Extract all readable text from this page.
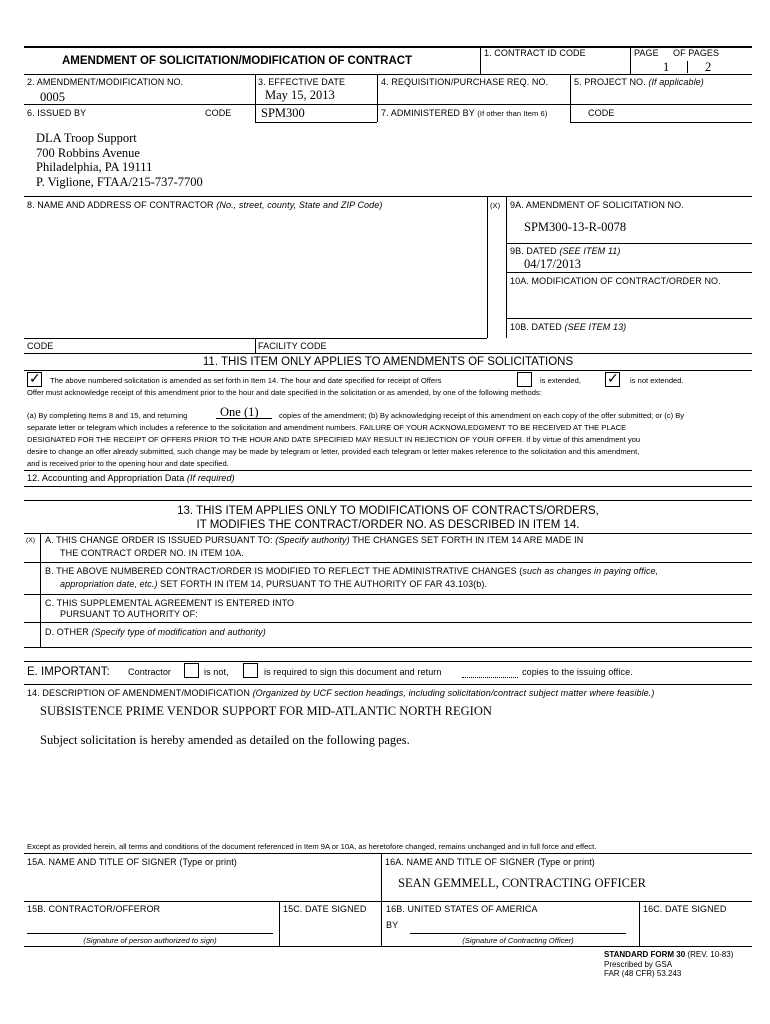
AMENDMENT OF SOLICITATION/MODIFICATION OF CONTRACT
1. CONTRACT ID CODE	PAGE OF PAGES
1	2
2. AMENDMENT/MODIFICATION NO.
0005
3. EFFECTIVE DATE
May 15, 2013
4. REQUISITION/PURCHASE REQ. NO.	5. PROJECT NO. (If applicable)
6. ISSUED BY	CODE SPM300	7. ADMINISTERED BY (If other than Item 6)	CODE
DLA Troop Support
700 Robbins Avenue
Philadelphia, PA 19111
P. Viglione, FTAA/215-737-7700
8. NAME AND ADDRESS OF CONTRACTOR (No., street, county, State and ZIP Code)	(X) 9A. AMENDMENT OF SOLICITATION NO.
SPM300-13-R-0078
9B. DATED (SEE ITEM 11)
04/17/2013
10A. MODIFICATION OF CONTRACT/ORDER NO.
10B. DATED (SEE ITEM 13)
CODE	FACILITY CODE
11. THIS ITEM ONLY APPLIES TO AMENDMENTS OF SOLICITATIONS
✓ The above numbered solicitation is amended as set forth in Item 14. The hour and date specified for receipt of Offers	is extended, ✓ is not extended.
Offer must acknowledge receipt of this amendment prior to the hour and date specified in the solicitation or as amended, by one of the following methods:
(a) By completing Items 8 and 15, and returning	One (1)	copies of the amendment; (b) By acknowledging receipt of this amendment on each copy of the offer submitted; or (c) By
separate letter or telegram which includes a reference to the solicitation and amendment numbers. FAILURE OF YOUR ACKNOWLEDGMENT TO BE RECEIVED AT THE PLACE
DESIGNATED FOR THE RECEIPT OF OFFERS PRIOR TO THE HOUR AND DATE SPECIFIED MAY RESULT IN REJECTION OF YOUR OFFER. If by virtue of this amendment you
desire to change an offer already submitted, such change may be made by telegram or letter, provided each telegram or letter makes reference to the solicitation and this amendment,
and is received prior to the opening hour and date specified.
12. Accounting and Appropriation Data (If required)
13. THIS ITEM APPLIES ONLY TO MODIFICATIONS OF CONTRACTS/ORDERS,
IT MODIFIES THE CONTRACT/ORDER NO. AS DESCRIBED IN ITEM 14.
(X) A. THIS CHANGE ORDER IS ISSUED PURSUANT TO: (Specify authority) THE CHANGES SET FORTH IN ITEM 14 ARE MADE IN
THE CONTRACT ORDER NO. IN ITEM 10A.
B. THE ABOVE NUMBERED CONTRACT/ORDER IS MODIFIED TO REFLECT THE ADMINISTRATIVE CHANGES (such as changes in paying office,
appropriation date, etc.) SET FORTH IN ITEM 14, PURSUANT TO THE AUTHORITY OF FAR 43.103(b).
C. THIS SUPPLEMENTAL AGREEMENT IS ENTERED INTO
PURSUANT TO AUTHORITY OF:
D. OTHER (Specify type of modification and authority)
E. IMPORTANT: Contractor	is not,	is required to sign this document and return	copies to the issuing office.
14. DESCRIPTION OF AMENDMENT/MODIFICATION (Organized by UCF section headings, including solicitation/contract subject matter where feasible.)
SUBSISTENCE PRIME VENDOR SUPPORT FOR MID-ATLANTIC NORTH REGION
Subject solicitation is hereby amended as detailed on the following pages.
Except as provided herein, all terms and conditions of the document referenced in Item 9A or 10A, as heretofore changed, remains unchanged and in full force and effect.
15A. NAME AND TITLE OF SIGNER (Type or print)	16A. NAME AND TITLE OF SIGNER (Type or print)
SEAN GEMMELL, CONTRACTING OFFICER
15B. CONTRACTOR/OFFEROR	15C. DATE SIGNED 16B. UNITED STATES OF AMERICA	16C. DATE SIGNED
(Signature of person authorized to sign)
BY
(Signature of Contracting Officer)
STANDARD FORM 30 (REV. 10-83)
Prescribed by GSA
FAR (48 CFR) 53.243
